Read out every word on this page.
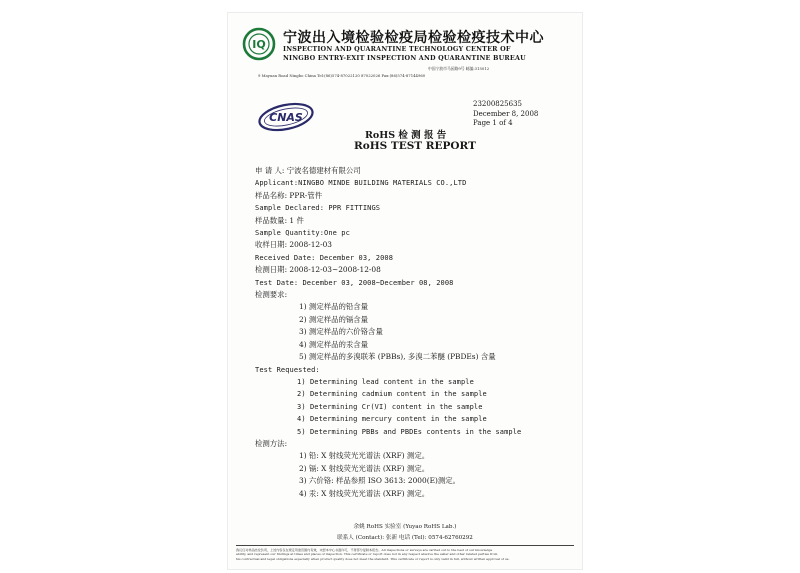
IQ 宁波出入境检验检疫局检验检疫技术中心
INSPECTION AND QUARANTINE TECHNOLOGY CENTER OF
NINGBO ENTRY-EXIT INSPECTION AND QUARANTINE BUREAU
中国宁波市马园路9号 邮编:315012
9 Mayuan Road Ningbo China Tel:(86)574-87022120 87022026 Fax:(86)574-87144960
CNAS
23200825635
December 8, 2008
Page 1 of 4
RoHS 检 测 报 告
RoHS TEST REPORT
申 请 人: 宁波名德建材有限公司
Applicant:NINGBO MINDE BUILDING MATERIALS CO.,LTD
样品名称: PPR-管件
Sample Declared: PPR FITTINGS
样品数量: 1 件
Sample Quantity:One pc
收样日期: 2008-12-03
Received Date: December 03, 2008
检测日期: 2008-12-03~2008-12-08
Test Date: December 03, 2008~December 08, 2008
检测要求:
1) 测定样品的铅含量
2) 测定样品的镉含量
3) 测定样品的六价铬含量
4) 测定样品的汞含量
5) 测定样品的多溴联苯 (PBBs), 多溴二苯醚 (PBDEs) 含量
Test Requested:
1) Determining lead content in the sample
2) Determining cadmium content in the sample
3) Determining Cr(VI) content in the sample
4) Determining mercury content in the sample
5) Determining PBBs and PBDEs contents in the sample
检测方法:
1) 铅: X 射线荧光光谱法 (XRF) 测定。
2) 镉: X 射线荧光光谱法 (XRF) 测定。
3) 六价铬: 样品参照 ISO 3613: 2000(E)测定。
4) 汞: X 射线荧光光谱法 (XRF) 测定。
余姚 RoHS 实验室 (Yuyao RoHS Lab.)
联系人 (Contact): 张新 电话 (Tel): 0574-62760292
我们仅对样品结论负责，上述内容仅在规定用途范围内有效，未经本中心书面许可，不得部分复制本报告。All inspections or surveys are carried out to the best of our knowledge
ability, and represent our findings at times and places of inspection. This certificate or report does not in any respect absolve the seller and other related parties from
his contractual and legal obligations especially when product quality does not meet the standard. This certificate or report is only valid in full, without written approval of us.
